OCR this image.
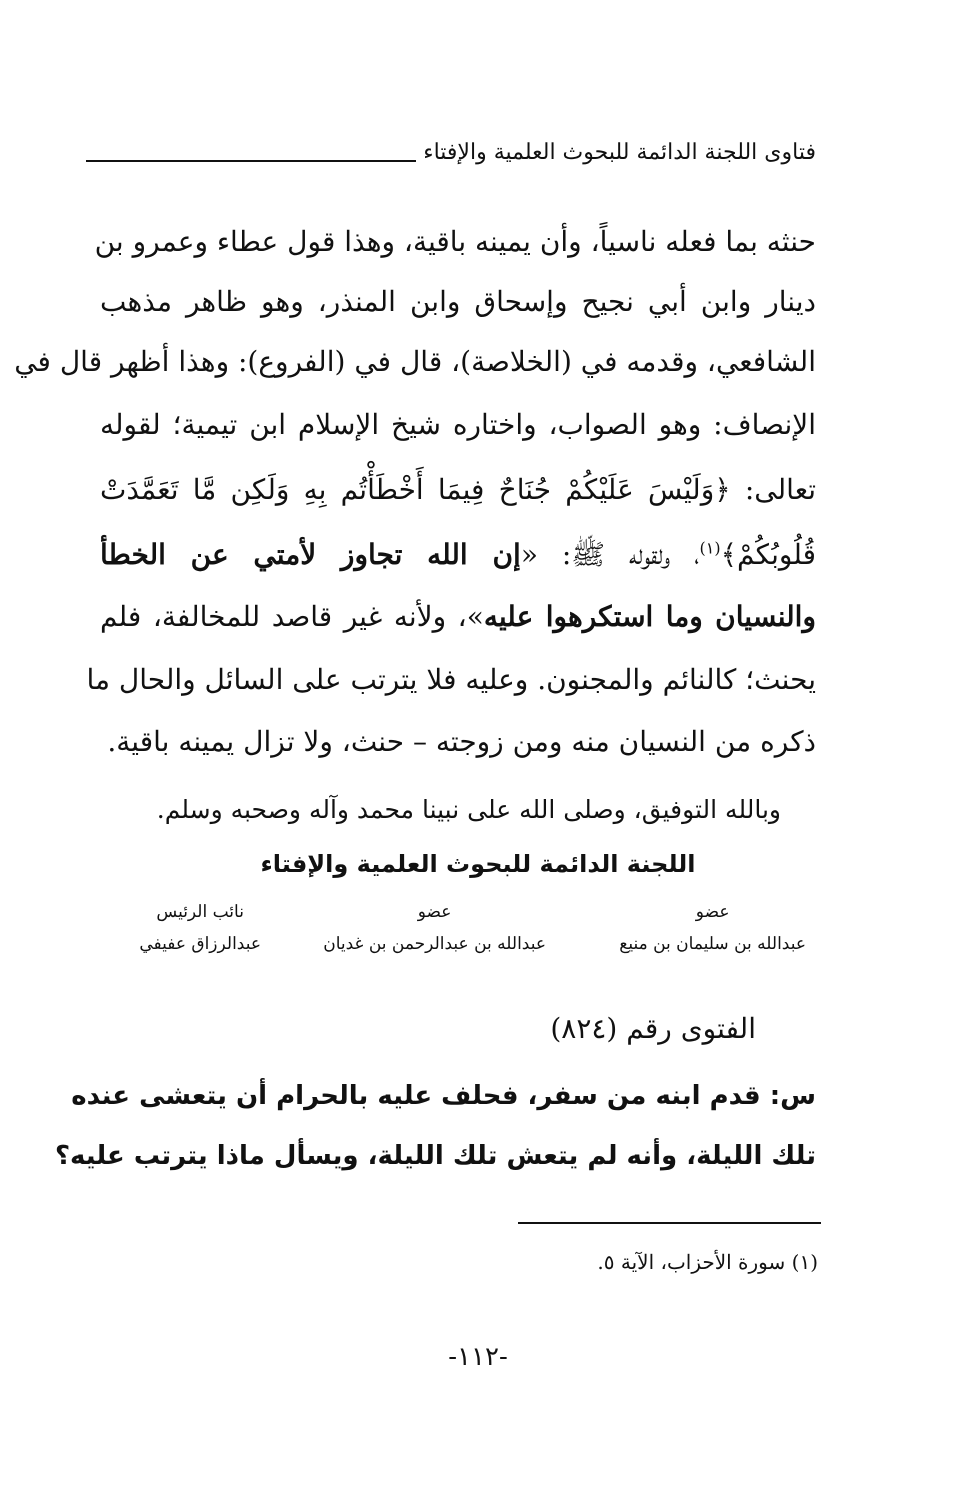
فتاوى اللجنة الدائمة للبحوث العلمية والإفتاء
حنثه بما فعله ناسياً، وأن يمينه باقية، وهذا قول عطاء وعمرو بن
دينار وابن أبي نجيح وإسحاق وابن المنذر، وهو ظاهر مذهب
الشافعي، وقدمه في (الخلاصة)، قال في (الفروع): وهذا أظهر قال في
الإنصاف: وهو الصواب، واختاره شيخ الإسلام ابن تيمية؛ لقوله
تعالى: ﴿وَلَيْسَ عَلَيْكُمْ جُنَاحٌ فِيمَا أَخْطَأْتُم بِهِ وَلَكِن مَّا تَعَمَّدَتْ
قُلُوبُكُمْ﴾$^{(١)}$، ولقوله ﷺ: «إن الله تجاوز لأمتي عن الخطأ
والنسيان وما استكرهوا عليه»، ولأنه غير قاصد للمخالفة، فلم
يحنث؛ كالنائم والمجنون. وعليه فلا يترتب على السائل والحال ما
ذكره من النسيان منه ومن زوجته – حنث، ولا تزال يمينه باقية.
وبالله التوفيق، وصلى الله على نبينا محمد وآله وصحبه وسلم.
اللجنة الدائمة للبحوث العلمية والإفتاء
عضو
عبدالله بن سليمان بن منيع
عضو
عبدالله بن عبدالرحمن بن غديان
نائب الرئيس
عبدالرزاق عفيفي
الفتوى رقم (٨٢٤)
س: قدم ابنه من سفر، فحلف عليه بالحرام أن يتعشى عنده
تلك الليلة، وأنه لم يتعش تلك الليلة، ويسأل ماذا يترتب عليه؟
(١) سورة الأحزاب، الآية ٥.
-١١٢-
